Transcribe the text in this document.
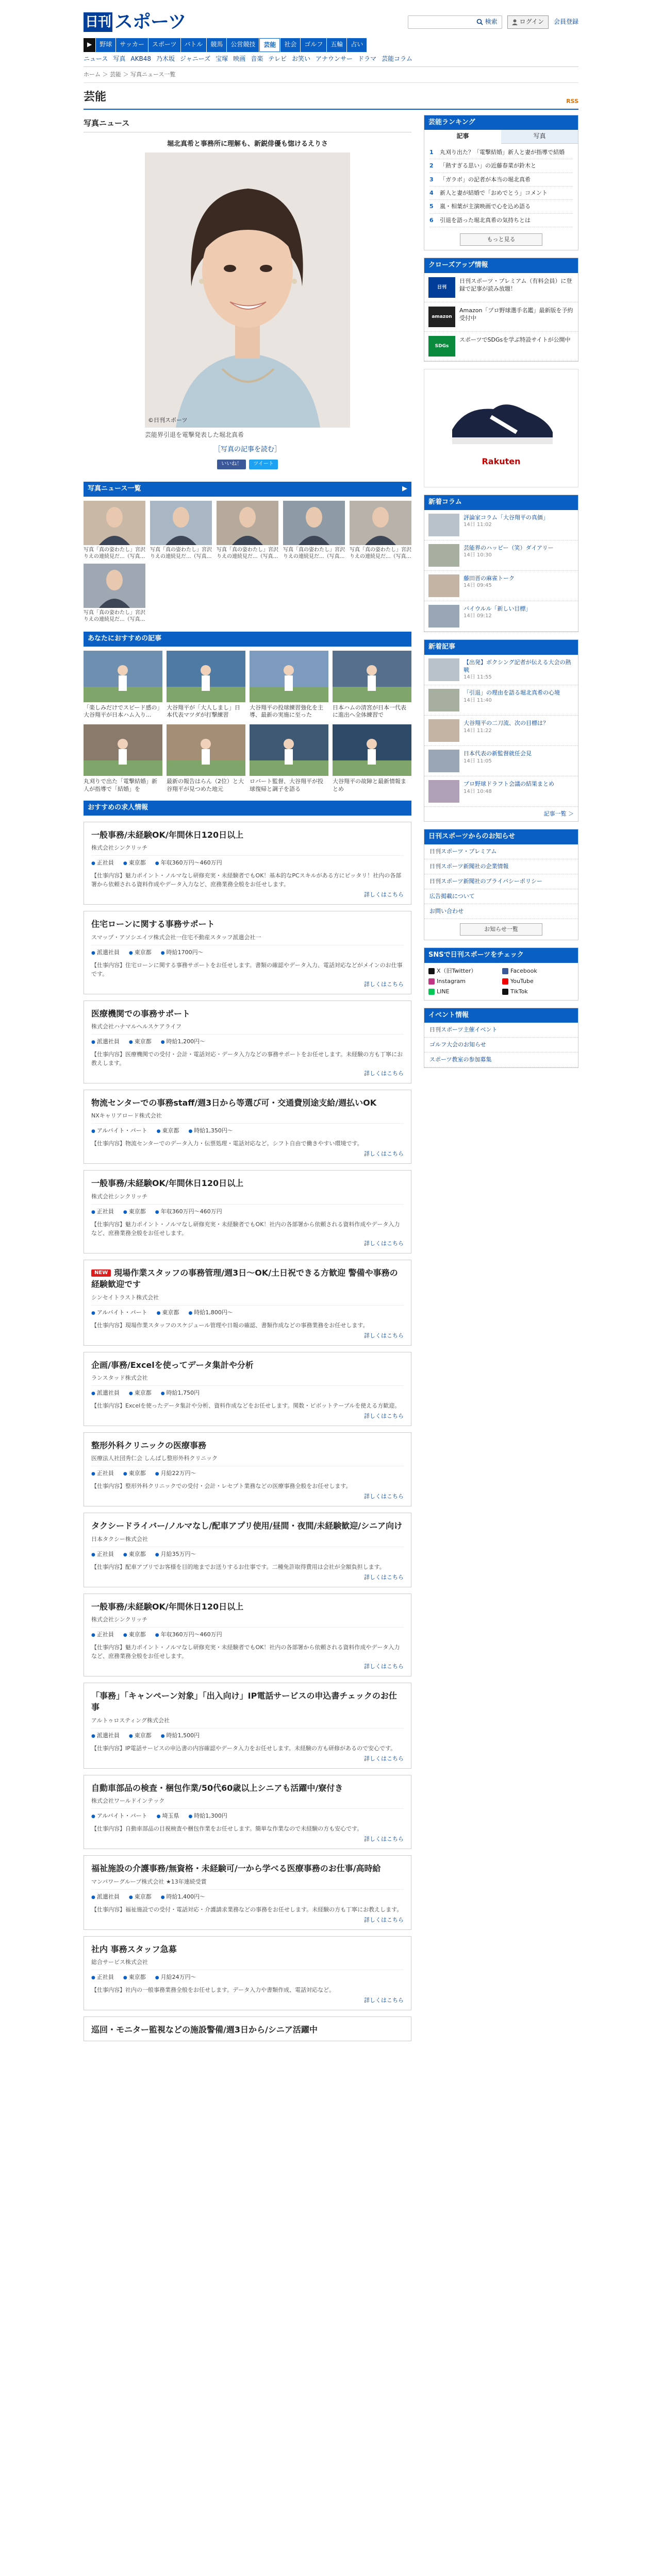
日刊 スポーツ	検索	ログイン 会員登録
▶	野球	サッカー	スポーツ	バトル	競馬	公営競技	芸能	社会	ゴルフ	五輪	占い
ニュース 写真 AKB48 乃木坂 ジャニーズ 宝塚 映画 音楽 テレビ お笑い アナウンサー ドラマ 芸能コラム
ホーム ＞ 芸能 ＞ 写真ニュース一覧
芸能	RSS
写真ニュース
堀北真希と事務所に理解も、新鋭俳優も惚けるえりさ
©日刊スポーツ
芸能界引退を電撃発表した堀北真希
［写真の記事を読む］
いいね！	ツイート
写真ニュース一覧	▶
写真「真の姿わたし」宮沢りえの連続見だ...（写真…
写真「真の姿わたし」宮沢りえの連続見だ...（写真…
写真「真の姿わたし」宮沢りえの連続見だ...（写真…
写真「真の姿わたし」宮沢りえの連続見だ...（写真…
写真「真の姿わたし」宮沢りえの連続見だ...（写真…
写真「真の姿わたし」宮沢りえの連続見だ...（写真…
あなたにおすすめの記事
「楽しみだけでスピード感の」大谷翔平が日本ハム入り...
大谷翔平が「大人しまし」日本代表マツダが打撃練習
大谷翔平の投球練習強化を主導、最新の実施に至った
日本ハムの清宮が日本一代表に進出へ全体練習で
丸刈りで出た「電撃結婚」新人が指導で「結婚」を
最新の報告はらん（2位）と大谷翔平が見つめた地元
ロバート監督、大谷翔平が投球復帰と調子を語る
大谷翔平の故障と最新情報まとめ
おすすめの求人情報
一般事務/未経験OK/年間休日120日以上
株式会社シンクリッチ
● 正社員	● 東京都	● 年収360万円〜460万円
【仕事内容】魅力ポイント・ノルマなし研修充実・未経験者でもOK！基本的なPCスキルがある方にピッタリ！社内の各部署から依頼される資料作成やデータ入力など、庶務業務全般をお任せします。
詳しくはこちら
住宅ローンに関する事務サポート
スマップ・アソシエイツ株式会社一住宅不動産スタッフ派遣会社一
● 派遣社員	● 東京都	● 時給1700円〜
【仕事内容】住宅ローンに関する事務サポートをお任せします。書類の確認やデータ入力、電話対応などがメインのお仕事です。
詳しくはこちら
医療機関での事務サポート
株式会社ハナマルヘルスケアライフ
● 派遣社員	● 東京都	● 時給1,200円〜
【仕事内容】医療機関での受付・会計・電話対応・データ入力などの事務サポートをお任せします。未経験の方も丁寧にお教えします。
詳しくはこちら
物流センターでの事務staff/週3日から等選び可・交通費別途支給/週払いOK
NXキャリアロード株式会社
● アルバイト・パート	● 東京都	● 時給1,350円〜
【仕事内容】物流センターでのデータ入力・伝票処理・電話対応など。シフト自由で働きやすい環境です。
詳しくはこちら
一般事務/未経験OK/年間休日120日以上
株式会社シンクリッチ
● 正社員	● 東京都	● 年収360万円〜460万円
【仕事内容】魅力ポイント・ノルマなし研修充実・未経験者でもOK！社内の各部署から依頼される資料作成やデータ入力など、庶務業務全般をお任せします。
詳しくはこちら
NEW 現場作業スタッフの事務管理/週3日〜OK/土日祝できる方歓迎 警備や事務の経験歓迎です
シンセイトラスト株式会社
● アルバイト・パート	● 東京都	● 時給1,800円〜
【仕事内容】現場作業スタッフのスケジュール管理や日報の確認、書類作成などの事務業務をお任せします。
詳しくはこちら
企画/事務/Excelを使ってデータ集計や分析
ランスタッド株式会社
● 派遣社員	● 東京都	● 時給1,750円
【仕事内容】Excelを使ったデータ集計や分析、資料作成などをお任せします。関数・ピボットテーブルを使える方歓迎。
詳しくはこちら
整形外科クリニックの医療事務
医療法人社団秀仁会 しんばし整形外科クリニック
● 正社員	● 東京都	● 月給22万円〜
【仕事内容】整形外科クリニックでの受付・会計・レセプト業務などの医療事務全般をお任せします。
詳しくはこちら
タクシードライバー/ノルマなし/配車アプリ使用/昼間・夜間/未経験歓迎/シニア向け
日本タクシー株式会社
● 正社員	● 東京都	● 月給35万円〜
【仕事内容】配車アプリでお客様を目的地までお送りするお仕事です。二種免許取得費用は会社が全額負担します。
詳しくはこちら
一般事務/未経験OK/年間休日120日以上
株式会社シンクリッチ
● 正社員	● 東京都	● 年収360万円〜460万円
【仕事内容】魅力ポイント・ノルマなし研修充実・未経験者でもOK！社内の各部署から依頼される資料作成やデータ入力など、庶務業務全般をお任せします。
詳しくはこちら
「事務」「キャンペーン対象」「出入向け」IP電話サービスの申込書チェックのお仕事
アルトゥロスティング株式会社
● 派遣社員	● 東京都	● 時給1,500円
【仕事内容】IP電話サービスの申込書の内容確認やデータ入力をお任せします。未経験の方も研修があるので安心です。
詳しくはこちら
自動車部品の検査・梱包作業/50代60歳以上シニアも活躍中/寮付き
株式会社ワールドインテック
● アルバイト・パート	● 埼玉県	● 時給1,300円
【仕事内容】自動車部品の目視検査や梱包作業をお任せします。簡単な作業なので未経験の方も安心です。
詳しくはこちら
福祉施設の介護事務/無資格・未経験可/一から学べる医療事務のお仕事/高時給
マンパワーグループ株式会社 ★13年連続受賞
● 派遣社員	● 東京都	● 時給1,400円〜
【仕事内容】福祉施設での受付・電話対応・介護請求業務などの事務をお任せします。未経験の方も丁寧にお教えします。
詳しくはこちら
社内 事務スタッフ急募
総合サービス株式会社
● 正社員	● 東京都	● 月給24万円〜
【仕事内容】社内の一般事務業務全般をお任せします。データ入力や書類作成、電話対応など。
詳しくはこちら
巡回・モニター監視などの施設警備/週3日から/シニア活躍中
芸能ランキング
記事	写真
1	丸刈り出た？「電撃結婚」新人と妻が指導で結婚
2	「熱すぎる思い」の近藤春菜が鈴木と
3	「ガラボ」の記者が本当の堀北真希
4	新人と妻が結婚で「おめでとう」コメント
5	嵐・相葉が主演映画で心を込め語る
6	引退を語った堀北真希の気持ちとは
もっと見る
クローズアップ情報
日刊
日刊スポーツ・プレミアム（有料会員）に登録で記事が読み放題！
amazon
Amazon「プロ野球選手名鑑」最新版を予約受付中
SDGs
スポーツでSDGsを学ぶ特設サイトが公開中
Rakuten
新着コラム
評論家コラム「大谷翔平の真価」
14日 11:02
芸能界のハッピー（笑）ダイアリー
14日 10:30
藤田晋の麻雀トーク
14日 09:45
バイウルル「新しい目標」
14日 09:12
新着記事
【出発】ボクシング記者が伝える大会の熱戦
14日 11:55
「引退」の理由を語る堀北真希の心境
14日 11:40
大谷翔平の二刀流、次の目標は？
14日 11:22
日本代表の新監督就任会見
14日 11:05
プロ野球ドラフト会議の結果まとめ
14日 10:48
記事一覧 ＞
日刊スポーツからのお知らせ
日刊スポーツ・プレミアム
日刊スポーツ新聞社の企業情報
日刊スポーツ新聞社のプライバシーポリシー
広告掲載について
お問い合わせ
お知らせ一覧
SNSで日刊スポーツをチェック
X（旧Twitter）	Facebook
Instagram	YouTube
LINE	TikTok
イベント情報
日刊スポーツ主催イベント
ゴルフ大会のお知らせ
スポーツ教室の参加募集
